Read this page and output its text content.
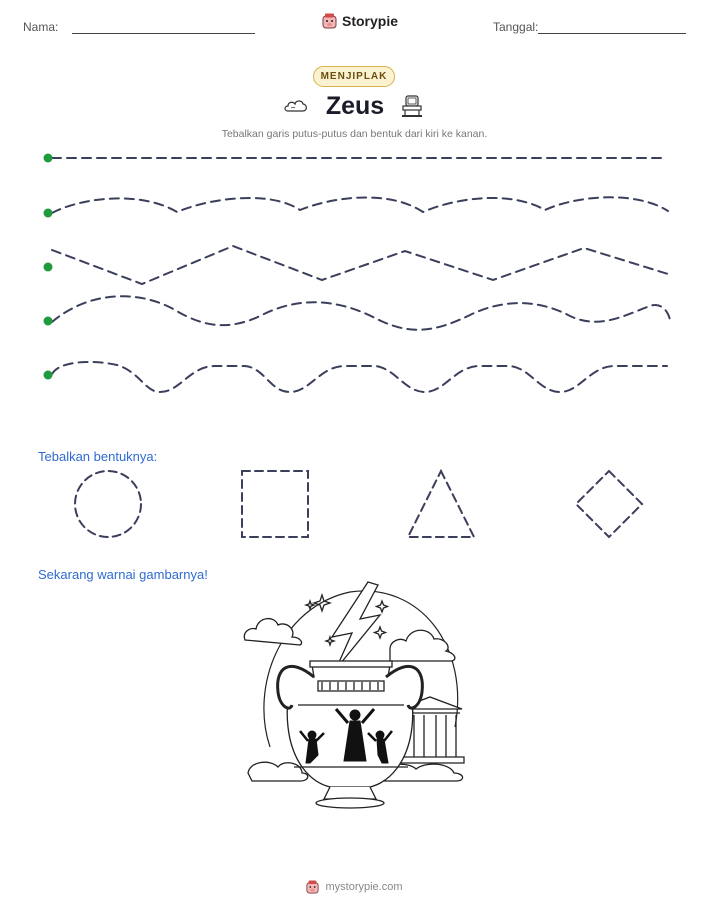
Nama:	Storypie	Tanggal:
MENJIPLAK
Zeus
Tebalkan garis putus-putus dan bentuk dari kiri ke kanan.
Tebalkan bentuknya:
Sekarang warnai gambarnya!
mystorypie.com
